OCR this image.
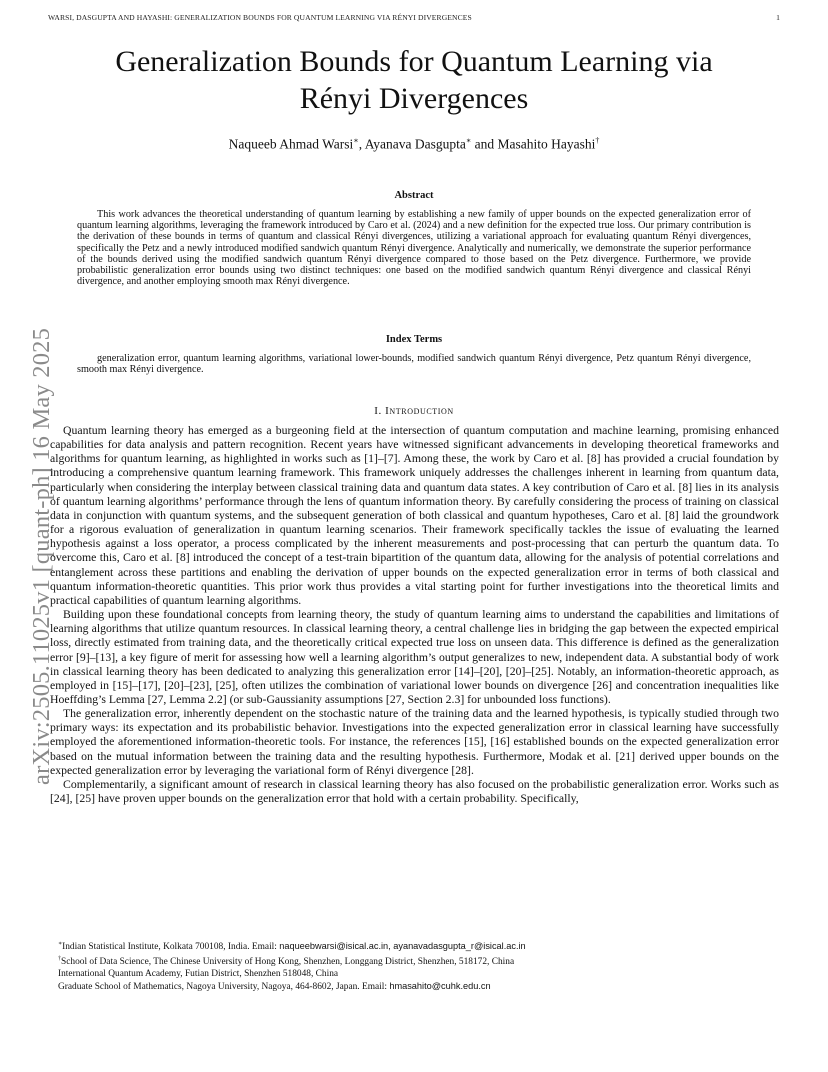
WARSI, DASGUPTA AND HAYASHI: GENERALIZATION BOUNDS FOR QUANTUM LEARNING VIA RÉNYI DIVERGENCES	1
arXiv:2505.11025v1 [quant-ph] 16 May 2025
Generalization Bounds for Quantum Learning via
Rényi Divergences
Naqueeb Ahmad Warsi∗, Ayanava Dasgupta∗ and Masahito Hayashi†
Abstract
This work advances the theoretical understanding of quantum learning by establishing a new family of upper bounds on the expected generalization error of quantum learning algorithms, leveraging the framework introduced by Caro et al. (2024) and a new definition for the expected true loss. Our primary contribution is the derivation of these bounds in terms of quantum and classical Rényi divergences, utilizing a variational approach for evaluating quantum Rényi divergences, specifically the Petz and a newly introduced modified sandwich quantum Rényi divergence. Analytically and numerically, we demonstrate the superior performance of the bounds derived using the modified sandwich quantum Rényi divergence compared to those based on the Petz divergence. Furthermore, we provide probabilistic generalization error bounds using two distinct techniques: one based on the modified sandwich quantum Rényi divergence and classical Rényi divergence, and another employing smooth max Rényi divergence.
Index Terms
generalization error, quantum learning algorithms, variational lower-bounds, modified sandwich quantum Rényi divergence, Petz quantum Rényi divergence, smooth max Rényi divergence.
I. Introduction

Quantum learning theory has emerged as a burgeoning field at the intersection of quantum computation and machine learning, promising enhanced capabilities for data analysis and pattern recognition. Recent years have witnessed significant advancements in developing theoretical frameworks and algorithms for quantum learning, as highlighted in works such as [1]–[7]. Among these, the work by Caro et al. [8] has provided a crucial foundation by introducing a comprehensive quantum learning framework. This framework uniquely addresses the challenges inherent in learning from quantum data, particularly when considering the interplay between classical training data and quantum data states. A key contribution of Caro et al. [8] lies in its analysis of quantum learning algorithms’ performance through the lens of quantum information theory. By carefully considering the process of training on classical data in conjunction with quantum systems, and the subsequent generation of both classical and quantum hypotheses, Caro et al. [8] laid the groundwork for a rigorous evaluation of generalization in quantum learning scenarios. Their framework specifically tackles the issue of evaluating the learned hypothesis against a loss operator, a process complicated by the inherent measurements and post-processing that can perturb the quantum data. To overcome this, Caro et al. [8] introduced the concept of a test-train bipartition of the quantum data, allowing for the analysis of potential correlations and entanglement across these partitions and enabling the derivation of upper bounds on the expected generalization error in terms of both classical and quantum information-theoretic quantities. This prior work thus provides a vital starting point for further investigations into the theoretical limits and practical capabilities of quantum learning algorithms.

Building upon these foundational concepts from learning theory, the study of quantum learning aims to understand the capabilities and limitations of learning algorithms that utilize quantum resources. In classical learning theory, a central challenge lies in bridging the gap between the expected empirical loss, directly estimated from training data, and the theoretically critical expected true loss on unseen data. This difference is defined as the generalization error [9]–[13], a key figure of merit for assessing how well a learning algorithm’s output generalizes to new, independent data. A substantial body of work in classical learning theory has been dedicated to analyzing this generalization error [14]–[20], [20]–[25]. Notably, an information-theoretic approach, as employed in [15]–[17], [20]–[23], [25], often utilizes the combination of variational lower bounds on divergence [26] and concentration inequalities like Hoeffding’s Lemma [27, Lemma 2.2] (or sub-Gaussianity assumptions [27, Section 2.3] for unbounded loss functions).

The generalization error, inherently dependent on the stochastic nature of the training data and the learned hypothesis, is typically studied through two primary ways: its expectation and its probabilistic behavior. Investigations into the expected generalization error in classical learning have successfully employed the aforementioned information-theoretic tools. For instance, the references [15], [16] established bounds on the expected generalization error based on the mutual information between the training data and the resulting hypothesis. Furthermore, Modak et al. [21] derived upper bounds on the expected generalization error by leveraging the variational form of Rényi divergence [28].

Complementarily, a significant amount of research in classical learning theory has also focused on the probabilistic generalization error. Works such as [24], [25] have proven upper bounds on the generalization error that hold with a certain probability. Specifically,

∗Indian Statistical Institute, Kolkata 700108, India. Email: naqueebwarsi@isical.ac.in, ayanavadasgupta_r@isical.ac.in
†School of Data Science, The Chinese University of Hong Kong, Shenzhen, Longgang District, Shenzhen, 518172, China
International Quantum Academy, Futian District, Shenzhen 518048, China
Graduate School of Mathematics, Nagoya University, Nagoya, 464-8602, Japan. Email: hmasahito@cuhk.edu.cn
